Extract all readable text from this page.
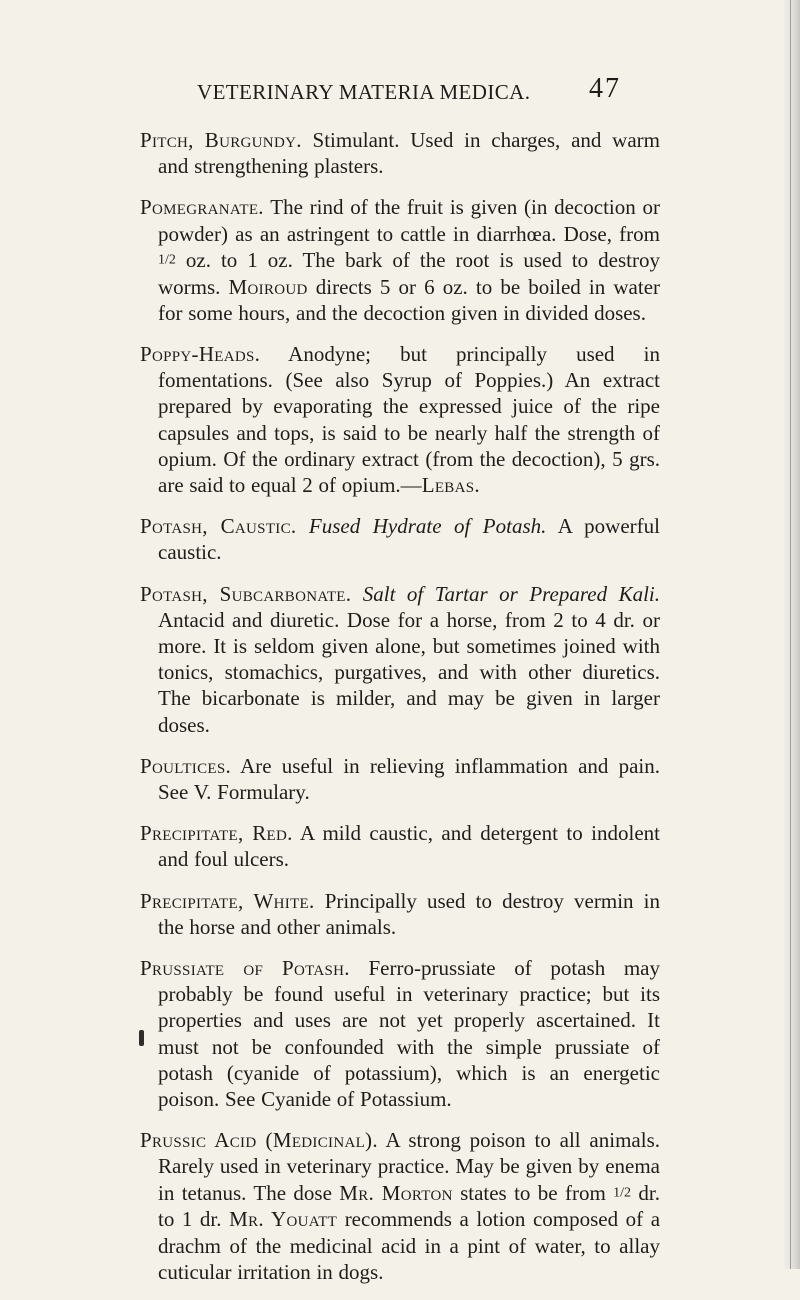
VETERINARY MATERIA MEDICA.	47

Pitch, Burgundy. Stimulant. Used in charges, and warm and strengthening plasters.

Pomegranate. The rind of the fruit is given (in decoction or powder) as an astringent to cattle in diarrhœa. Dose, from 1/2 oz. to 1 oz. The bark of the root is used to destroy worms. Moiroud directs 5 or 6 oz. to be boiled in water for some hours, and the decoction given in divided doses.

Poppy-Heads. Anodyne; but principally used in fomentations. (See also Syrup of Poppies.) An extract prepared by evaporating the expressed juice of the ripe capsules and tops, is said to be nearly half the strength of opium. Of the ordinary extract (from the decoction), 5 grs. are said to equal 2 of opium.—Lebas.

Potash, Caustic. Fused Hydrate of Potash. A powerful caustic.

Potash, Subcarbonate. Salt of Tartar or Prepared Kali. Antacid and diuretic. Dose for a horse, from 2 to 4 dr. or more. It is seldom given alone, but sometimes joined with tonics, stomachics, purgatives, and with other diuretics. The bicarbonate is milder, and may be given in larger doses.

Poultices. Are useful in relieving inflammation and pain. See V. Formulary.

Precipitate, Red. A mild caustic, and detergent to indolent and foul ulcers.

Precipitate, White. Principally used to destroy vermin in the horse and other animals.

Prussiate of Potash. Ferro-prussiate of potash may probably be found useful in veterinary practice; but its properties and uses are not yet properly ascertained. It must not be confounded with the simple prussiate of potash (cyanide of potassium), which is an energetic poison. See Cyanide of Potassium.

Prussic Acid (Medicinal). A strong poison to all animals. Rarely used in veterinary practice. May be given by enema in tetanus. The dose Mr. Morton states to be from 1/2 dr. to 1 dr. Mr. Youatt recommends a lotion composed of a drachm of the medicinal acid in a pint of water, to allay cuticular irritation in dogs.
